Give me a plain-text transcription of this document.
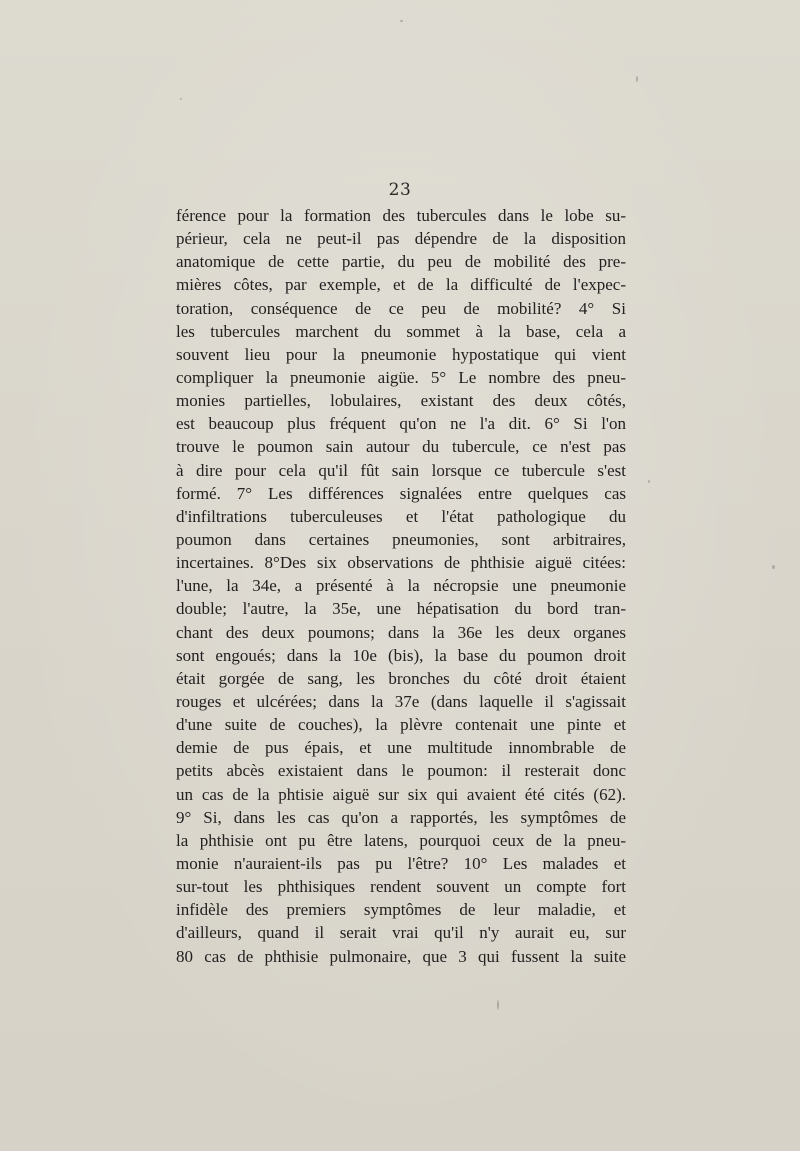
23
férence pour la formation des tubercules dans le lobe su-
périeur, cela ne peut-il pas dépendre de la disposition
anatomique de cette partie, du peu de mobilité des pre-
mières côtes, par exemple, et de la difficulté de l'expec-
toration, conséquence de ce peu de mobilité? 4° Si
les tubercules marchent du sommet à la base, cela a
souvent lieu pour la pneumonie hypostatique qui vient
compliquer la pneumonie aigüe. 5° Le nombre des pneu-
monies partielles, lobulaires, existant des deux côtés,
est beaucoup plus fréquent qu'on ne l'a dit. 6° Si l'on
trouve le poumon sain autour du tubercule, ce n'est pas
à dire pour cela qu'il fût sain lorsque ce tubercule s'est
formé. 7° Les différences signalées entre quelques cas
d'infiltrations tuberculeuses et l'état pathologique du
poumon dans certaines pneumonies, sont arbitraires,
incertaines. 8°Des six observations de phthisie aiguë citées:
l'une, la 34e, a présenté à la nécropsie une pneumonie
double; l'autre, la 35e, une hépatisation du bord tran-
chant des deux poumons; dans la 36e les deux organes
sont engoués; dans la 10e (bis), la base du poumon droit
était gorgée de sang, les bronches du côté droit étaient
rouges et ulcérées; dans la 37e (dans laquelle il s'agissait
d'une suite de couches), la plèvre contenait une pinte et
demie de pus épais, et une multitude innombrable de
petits abcès existaient dans le poumon: il resterait donc
un cas de la phtisie aiguë sur six qui avaient été cités (62).
9° Si, dans les cas qu'on a rapportés, les symptômes de
la phthisie ont pu être latens, pourquoi ceux de la pneu-
monie n'auraient-ils pas pu l'être? 10° Les malades et
sur-tout les phthisiques rendent souvent un compte fort
infidèle des premiers symptômes de leur maladie, et
d'ailleurs, quand il serait vrai qu'il n'y aurait eu, sur
80 cas de phthisie pulmonaire, que 3 qui fussent la suite
